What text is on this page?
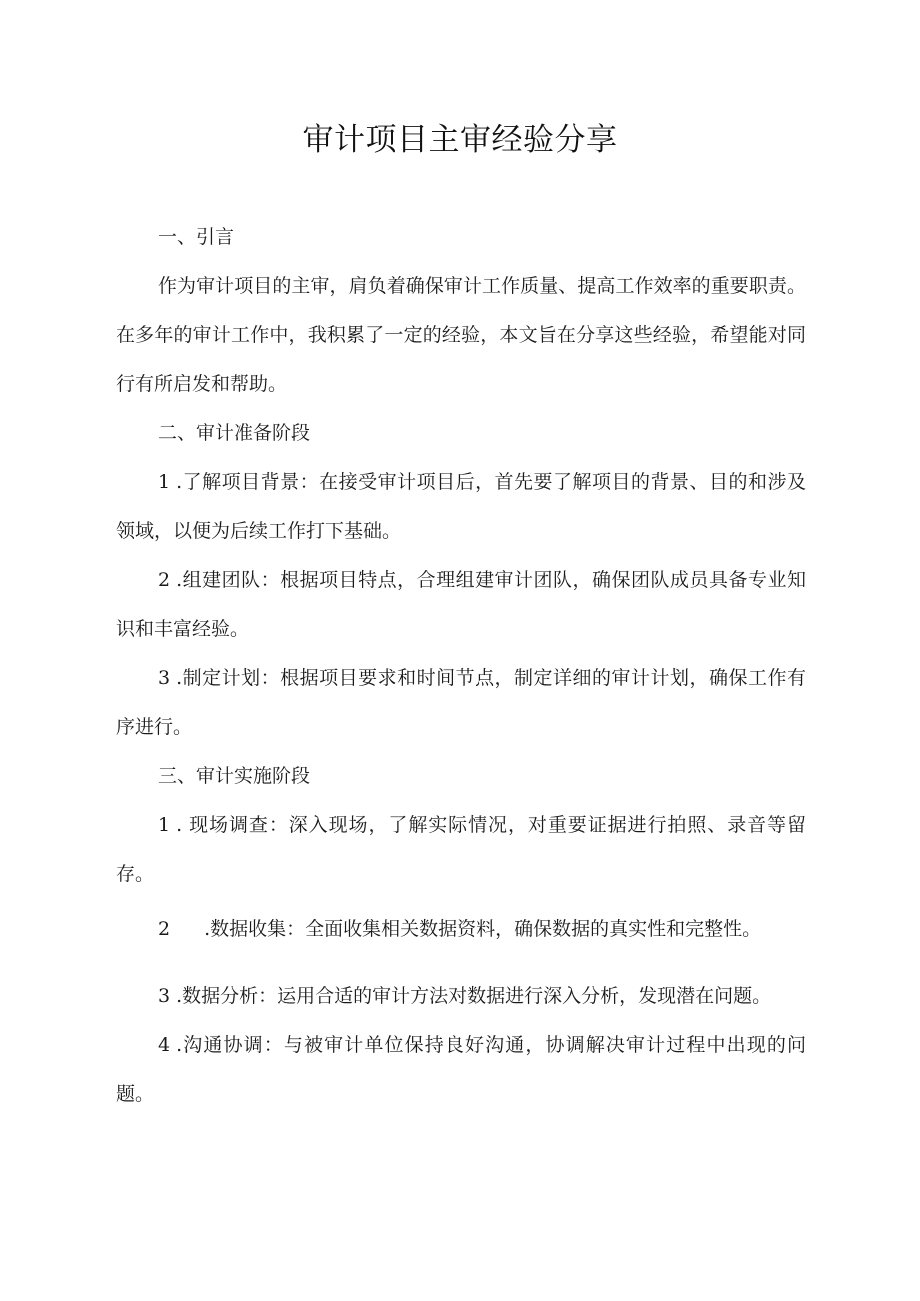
审计项目主审经验分享

一、引言

作为审计项目的主审，肩负着确保审计工作质量、提高工作效率的重要职责。在多年的审计工作中，我积累了一定的经验，本文旨在分享这些经验，希望能对同行有所启发和帮助。

二、审计准备阶段

1 .了解项目背景：在接受审计项目后，首先要了解项目的背景、目的和涉及领域，以便为后续工作打下基础。

2 .组建团队：根据项目特点，合理组建审计团队，确保团队成员具备专业知识和丰富经验。

3 .制定计划：根据项目要求和时间节点，制定详细的审计计划，确保工作有序进行。

三、审计实施阶段

1 . 现场调查：深入现场，了解实际情况，对重要证据进行拍照、录音等留存。

2 .数据收集：全面收集相关数据资料，确保数据的真实性和完整性。

3 .数据分析：运用合适的审计方法对数据进行深入分析，发现潜在问题。

4 .沟通协调：与被审计单位保持良好沟通，协调解决审计过程中出现的问题。
